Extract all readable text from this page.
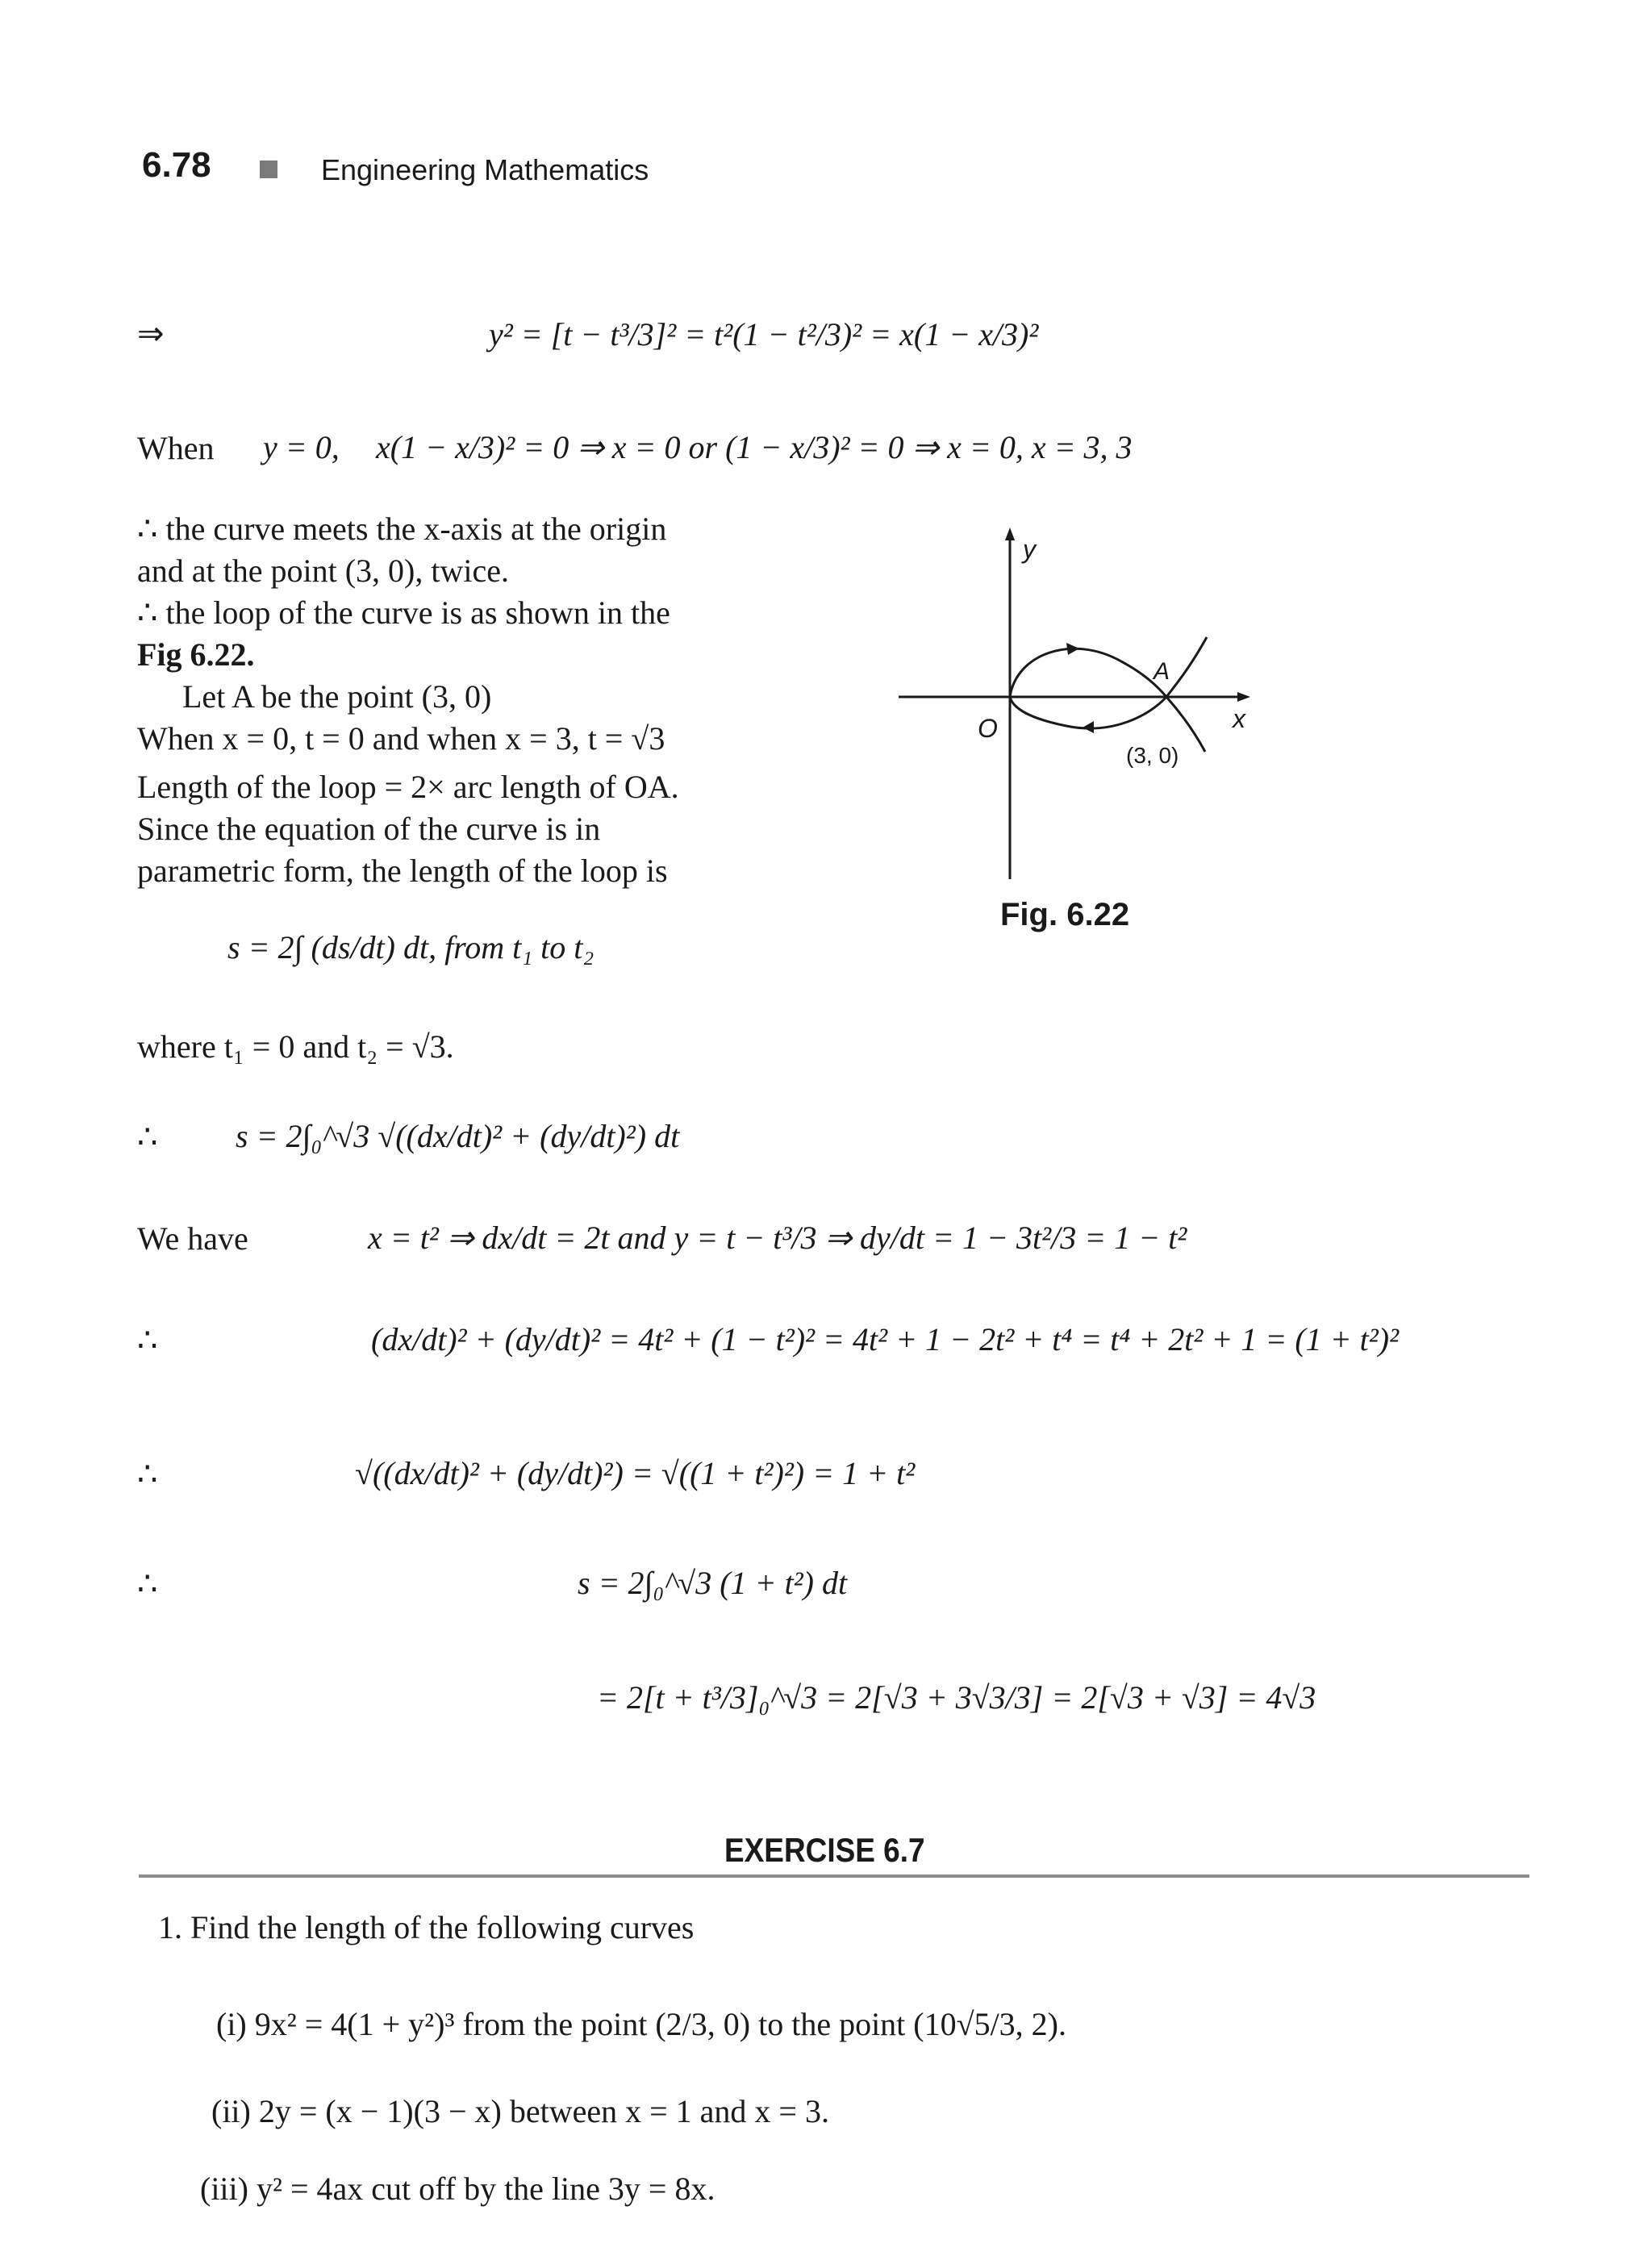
6.78	Engineering Mathematics
⇒	y² = [t − t³/3]² = t²(1 − t²/3)² = x(1 − x/3)²
When y = 0, x(1 − x/3)² = 0 ⇒ x = 0 or (1 − x/3)² = 0 ⇒ x = 0, x = 3, 3
∴ the curve meets the x-axis at the origin
and at the point (3, 0), twice.
∴ the loop of the curve is as shown in the
Fig 6.22.
Let A be the point (3, 0)
When x = 0, t = 0 and when x = 3, t = √3
Length of the loop = 2× arc length of OA.
Since the equation of the curve is in
parametric form, the length of the loop is
s = 2∫ (ds/dt) dt, from t₁ to t₂
where t₁ = 0 and t₂ = √3.
∴ s = 2∫₀^√3 √((dx/dt)² + (dy/dt)²) dt
We have	x = t² ⇒ dx/dt = 2t and y = t − t³/3 ⇒ dy/dt = 1 − 3t²/3 = 1 − t²
∴	(dx/dt)² + (dy/dt)² = 4t² + (1 − t²)² = 4t² + 1 − 2t² + t⁴ = t⁴ + 2t² + 1 = (1 + t²)²
∴	√((dx/dt)² + (dy/dt)²) = √((1 + t²)²) = 1 + t²
∴	s = 2∫₀^√3 (1 + t²) dt
= 2[t + t³/3]₀^√3 = 2[√3 + 3√3/3] = 2[√3 + √3] = 4√3
y
x
O
A
(3, 0)
Fig. 6.22
EXERCISE 6.7
1. Find the length of the following curves
(i) 9x² = 4(1 + y²)³ from the point (2/3, 0) to the point (10√5/3, 2).
(ii) 2y = (x − 1)(3 − x) between x = 1 and x = 3.
(iii) y² = 4ax cut off by the line 3y = 8x.
